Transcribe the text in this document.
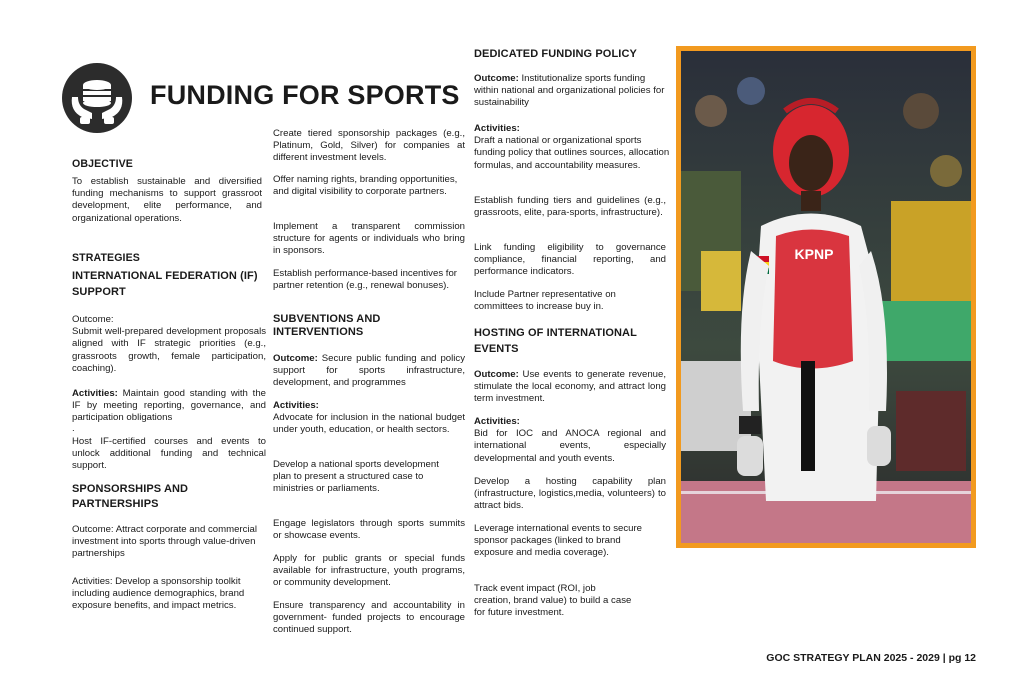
FUNDING FOR SPORTS

OBJECTIVE

To establish sustainable and diversified funding mechanisms to support grassroot development, elite performance, and organizational operations.

STRATEGIES

INTERNATIONAL FEDERATION (IF) SUPPORT

Outcome:

Submit well-prepared development proposals aligned with IF strategic priorities (e.g., grassroots growth, female participation, coaching).

Activities: Maintain good standing with the IF by meeting reporting, governance, and participation obligations

.

Host IF-certified courses and events to unlock additional funding and technical support.

SPONSORSHIPS AND PARTNERSHIPS

Outcome: Attract corporate and commercial investment into sports through value-driven partnerships

Activities: Develop a sponsorship toolkit including audience demographics, brand exposure benefits, and impact metrics.

Create tiered sponsorship packages (e.g., Platinum, Gold, Silver) for companies at different investment levels.

Offer naming rights, branding opportunities, and digital visibility to corporate partners.

Implement a transparent commission structure for agents or individuals who bring in sponsors.

Establish performance-based incentives for partner retention (e.g., renewal bonuses).

SUBVENTIONS AND INTERVENTIONS

Outcome: Secure public funding and policy support for sports infrastructure, development, and programmes

Activities:

Advocate for inclusion in the national budget under youth, education, or health sectors.

Develop a national sports development plan to present a structured case to ministries or parliaments.

Engage legislators through sports summits or showcase events.

Apply for public grants or special funds available for infrastructure, youth programs, or community development.

Ensure transparency and accountability in government- funded projects to encourage continued support.

DEDICATED FUNDING POLICY

Outcome: Institutionalize sports funding within national and organizational policies for sustainability

Activities:

Draft a national or organizational sports funding policy that outlines sources, allocation formulas, and accountability measures.

Establish funding tiers and guidelines (e.g., grassroots, elite, para-sports, infrastructure).

Link funding eligibility to governance compliance, financial reporting, and performance indicators.

Include Partner representative on committees to increase buy in.

HOSTING OF INTERNATIONAL EVENTS

Outcome: Use events to generate revenue, stimulate the local economy, and attract long term investment.

Activities:

Bid for IOC and ANOCA regional and international events, especially developmental and youth events.

Develop a hosting capability plan (infrastructure, logistics,media, volunteers) to attract bids.

Leverage international events to secure sponsor packages (linked to brand exposure and media coverage).

Track event impact (ROI, job creation, brand value) to build a case for future investment.

KPNP

GOC STRATEGY PLAN 2025 - 2029 | pg 12
